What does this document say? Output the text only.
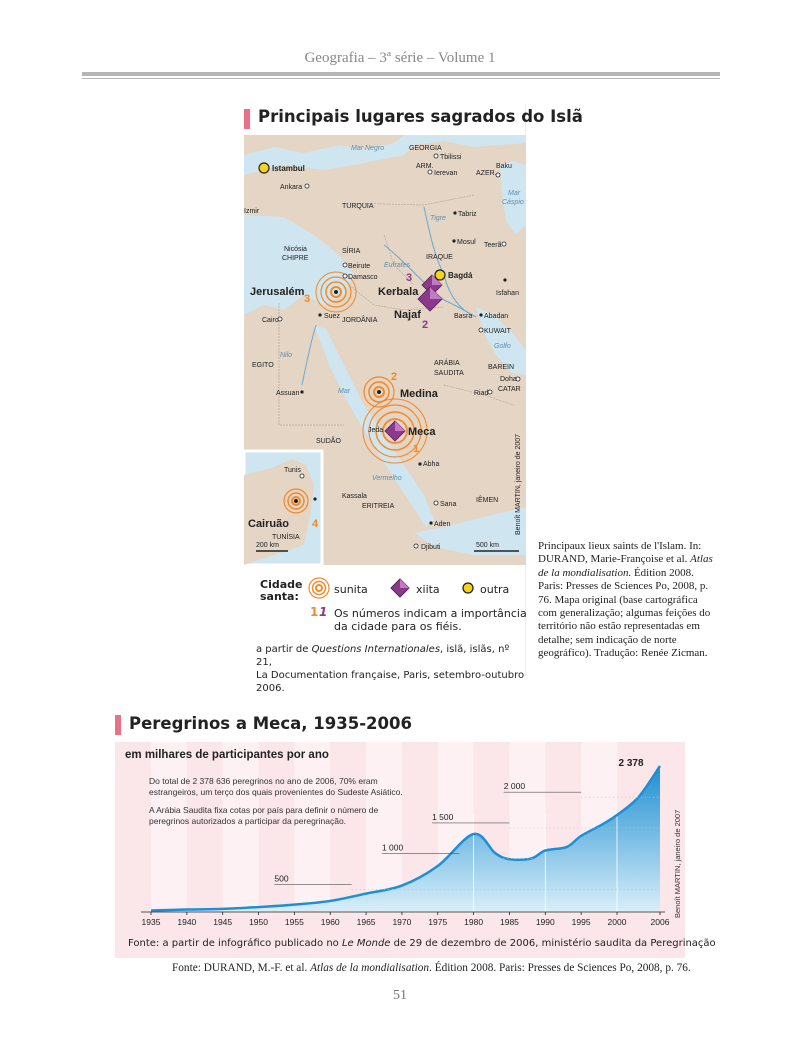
Geografia – 3ª série – Volume 1
Principais lugares sagrados do Islã
Mar Negro	GEORGIA
Tbilissi
Baku
ARM.
Ierevan	AZER.
Mar
Cáspio
Istambul
Ankara
Izmir
TURQUIA
Tigre
Tabriz
Mosul Teerã
Nicósia
CHIPRE
SÍRIA
IRAQUE
Beirute
Damasco
Eufrates
Jerusalém	Kerbala
Bagdá
Najaf
Isfahan
Abadan
Basra
KUWAIT
Golfo
Cairo
Suez
JORDÂNIA
EGITO
Nilo
ARÁBIA
SAUDITA
BAREIN
Doha
CATAR
Assuan	Mar	Medina	Riad
Jeda Meca
SUDÃO
Abha
Vermelho
Tunis
Kassala
ERITREIA	Sana
IÊMEN
Aden
Cairuão
TUNÍSIA
Djibuti
200 km	500 km
Benoît MARTIN, janeiro de 2007
3
3
2
2
1
4
Cidade
santa:
sunita	xiita	outra
1 1 Os números indicam a importância
da cidade para os fiéis.
a partir de Questions Internationales, islã, islãs, nº 21,
La Documentation française, Paris, setembro-outubro 2006.
Principaux lieux saints de l'Islam. In: DURAND, Marie-Françoise et al. Atlas de la mondialisation. Édition 2008. Paris: Presses de Sciences Po, 2008, p. 76. Mapa original (base cartográfica com generalização; algumas feições do território não estão representadas em detalhe; sem indicação de norte geográfico). Tradução: Renée Zicman.
Peregrinos a Meca, 1935-2006
500
1 000
1 500
2 000
2 378
1935 1940 1945 1950 1955 1960 1965 1970 1975 1980 1985 1990 1995 2000	2006
em milhares de participantes por ano
Do total de 2 378 636 peregrinos no ano de 2006, 70% eram
estrangeiros, um terço dos quais provenientes do Sudeste Asiático.
A Arábia Saudita fixa cotas por país para definir o número de
peregrinos autorizados a participar da peregrinação.	Benoît MARTIN, janeiro de 2007
Fonte: a partir de infográfico publicado no Le Monde de 29 de dezembro de 2006, ministério saudita da Peregrinação
Fonte: DURAND, M.-F. et al. Atlas de la mondialisation. Édition 2008. Paris: Presses de Sciences Po, 2008, p. 76.
51
